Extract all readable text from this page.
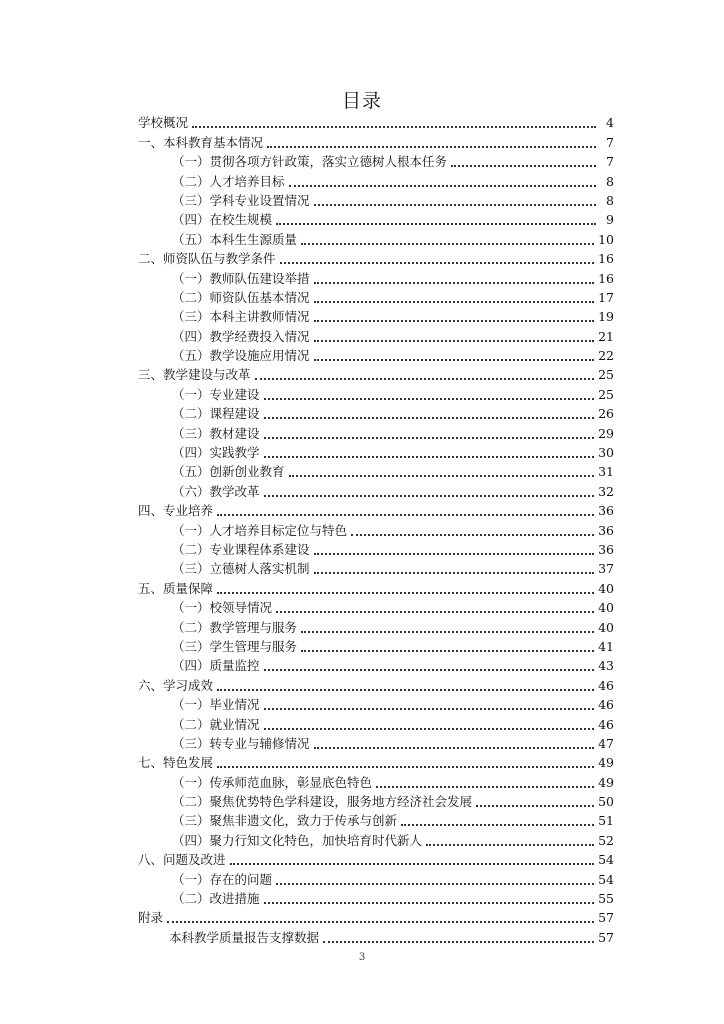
目录
学校概况	4
一、本科教育基本情况	7
（一）贯彻各项方针政策，落实立德树人根本任务	7
（二）人才培养目标	8
（三）学科专业设置情况	8
（四）在校生规模	9
（五）本科生生源质量	10
二、师资队伍与教学条件	16
（一）教师队伍建设举措	16
（二）师资队伍基本情况	17
（三）本科主讲教师情况	19
（四）教学经费投入情况	21
（五）教学设施应用情况	22
三、教学建设与改革	25
（一）专业建设	25
（二）课程建设	26
（三）教材建设	29
（四）实践教学	30
（五）创新创业教育	31
（六）教学改革	32
四、专业培养	36
（一）人才培养目标定位与特色	36
（二）专业课程体系建设	36
（三）立德树人落实机制	37
五、质量保障	40
（一）校领导情况	40
（二）教学管理与服务	40
（三）学生管理与服务	41
（四）质量监控	43
六、学习成效	46
（一）毕业情况	46
（二）就业情况	46
（三）转专业与辅修情况	47
七、特色发展	49
（一）传承师范血脉，彰显底色特色	49
（二）聚焦优势特色学科建设，服务地方经济社会发展	50
（三）聚焦非遗文化，致力于传承与创新	51
（四）聚力行知文化特色，加快培育时代新人	52
八、问题及改进	54
（一）存在的问题	54
（二）改进措施	55
附录	57
本科教学质量报告支撑数据	57
3
